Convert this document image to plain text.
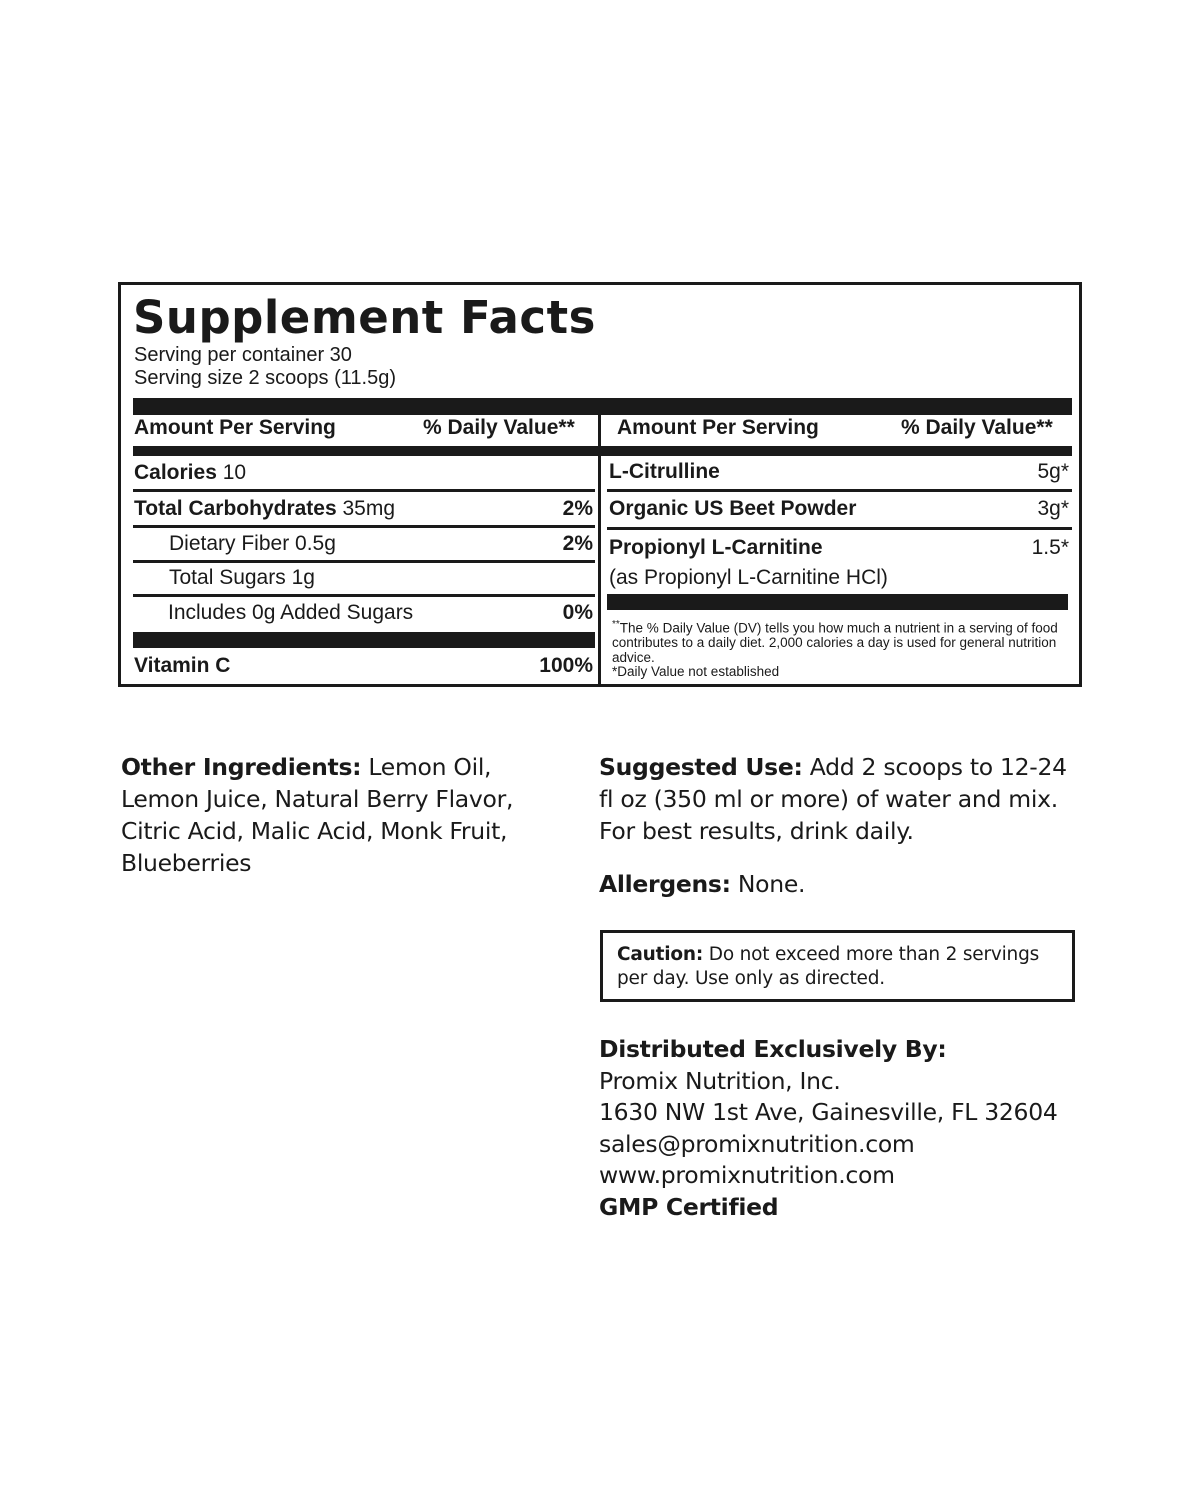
Supplement Facts
Serving per container 30
Serving size 2 scoops (11.5g)
Amount Per Serving	% Daily Value** Amount Per Serving	% Daily Value**
Calories 10
Total Carbohydrates 35mg	2%
Dietary Fiber 0.5g	2%
Total Sugars 1g
Includes 0g Added Sugars	0%
Vitamin C	100%
L-Citrulline	5g*
Organic US Beet Powder	3g*
Propionyl L-Carnitine	1.5*
(as Propionyl L-Carnitine HCl)

**The % Daily Value (DV) tells you how much a nutrient in a serving of food contributes to a daily diet. 2,000 calories a day is used for general nutrition advice.

*Daily Value not established

Other Ingredients: Lemon Oil, Lemon Juice, Natural Berry Flavor, Citric Acid, Malic Acid, Monk Fruit, Blueberries
Suggested Use: Add 2 scoops to 12-24 fl oz (350 ml or more) of water and mix. For best results, drink daily.
Allergens: None.
Caution: Do not exceed more than 2 servings per day. Use only as directed.
Distributed Exclusively By:
Promix Nutrition, Inc.
1630 NW 1st Ave, Gainesville, FL 32604
sales@promixnutrition.com
www.promixnutrition.com
GMP Certified
